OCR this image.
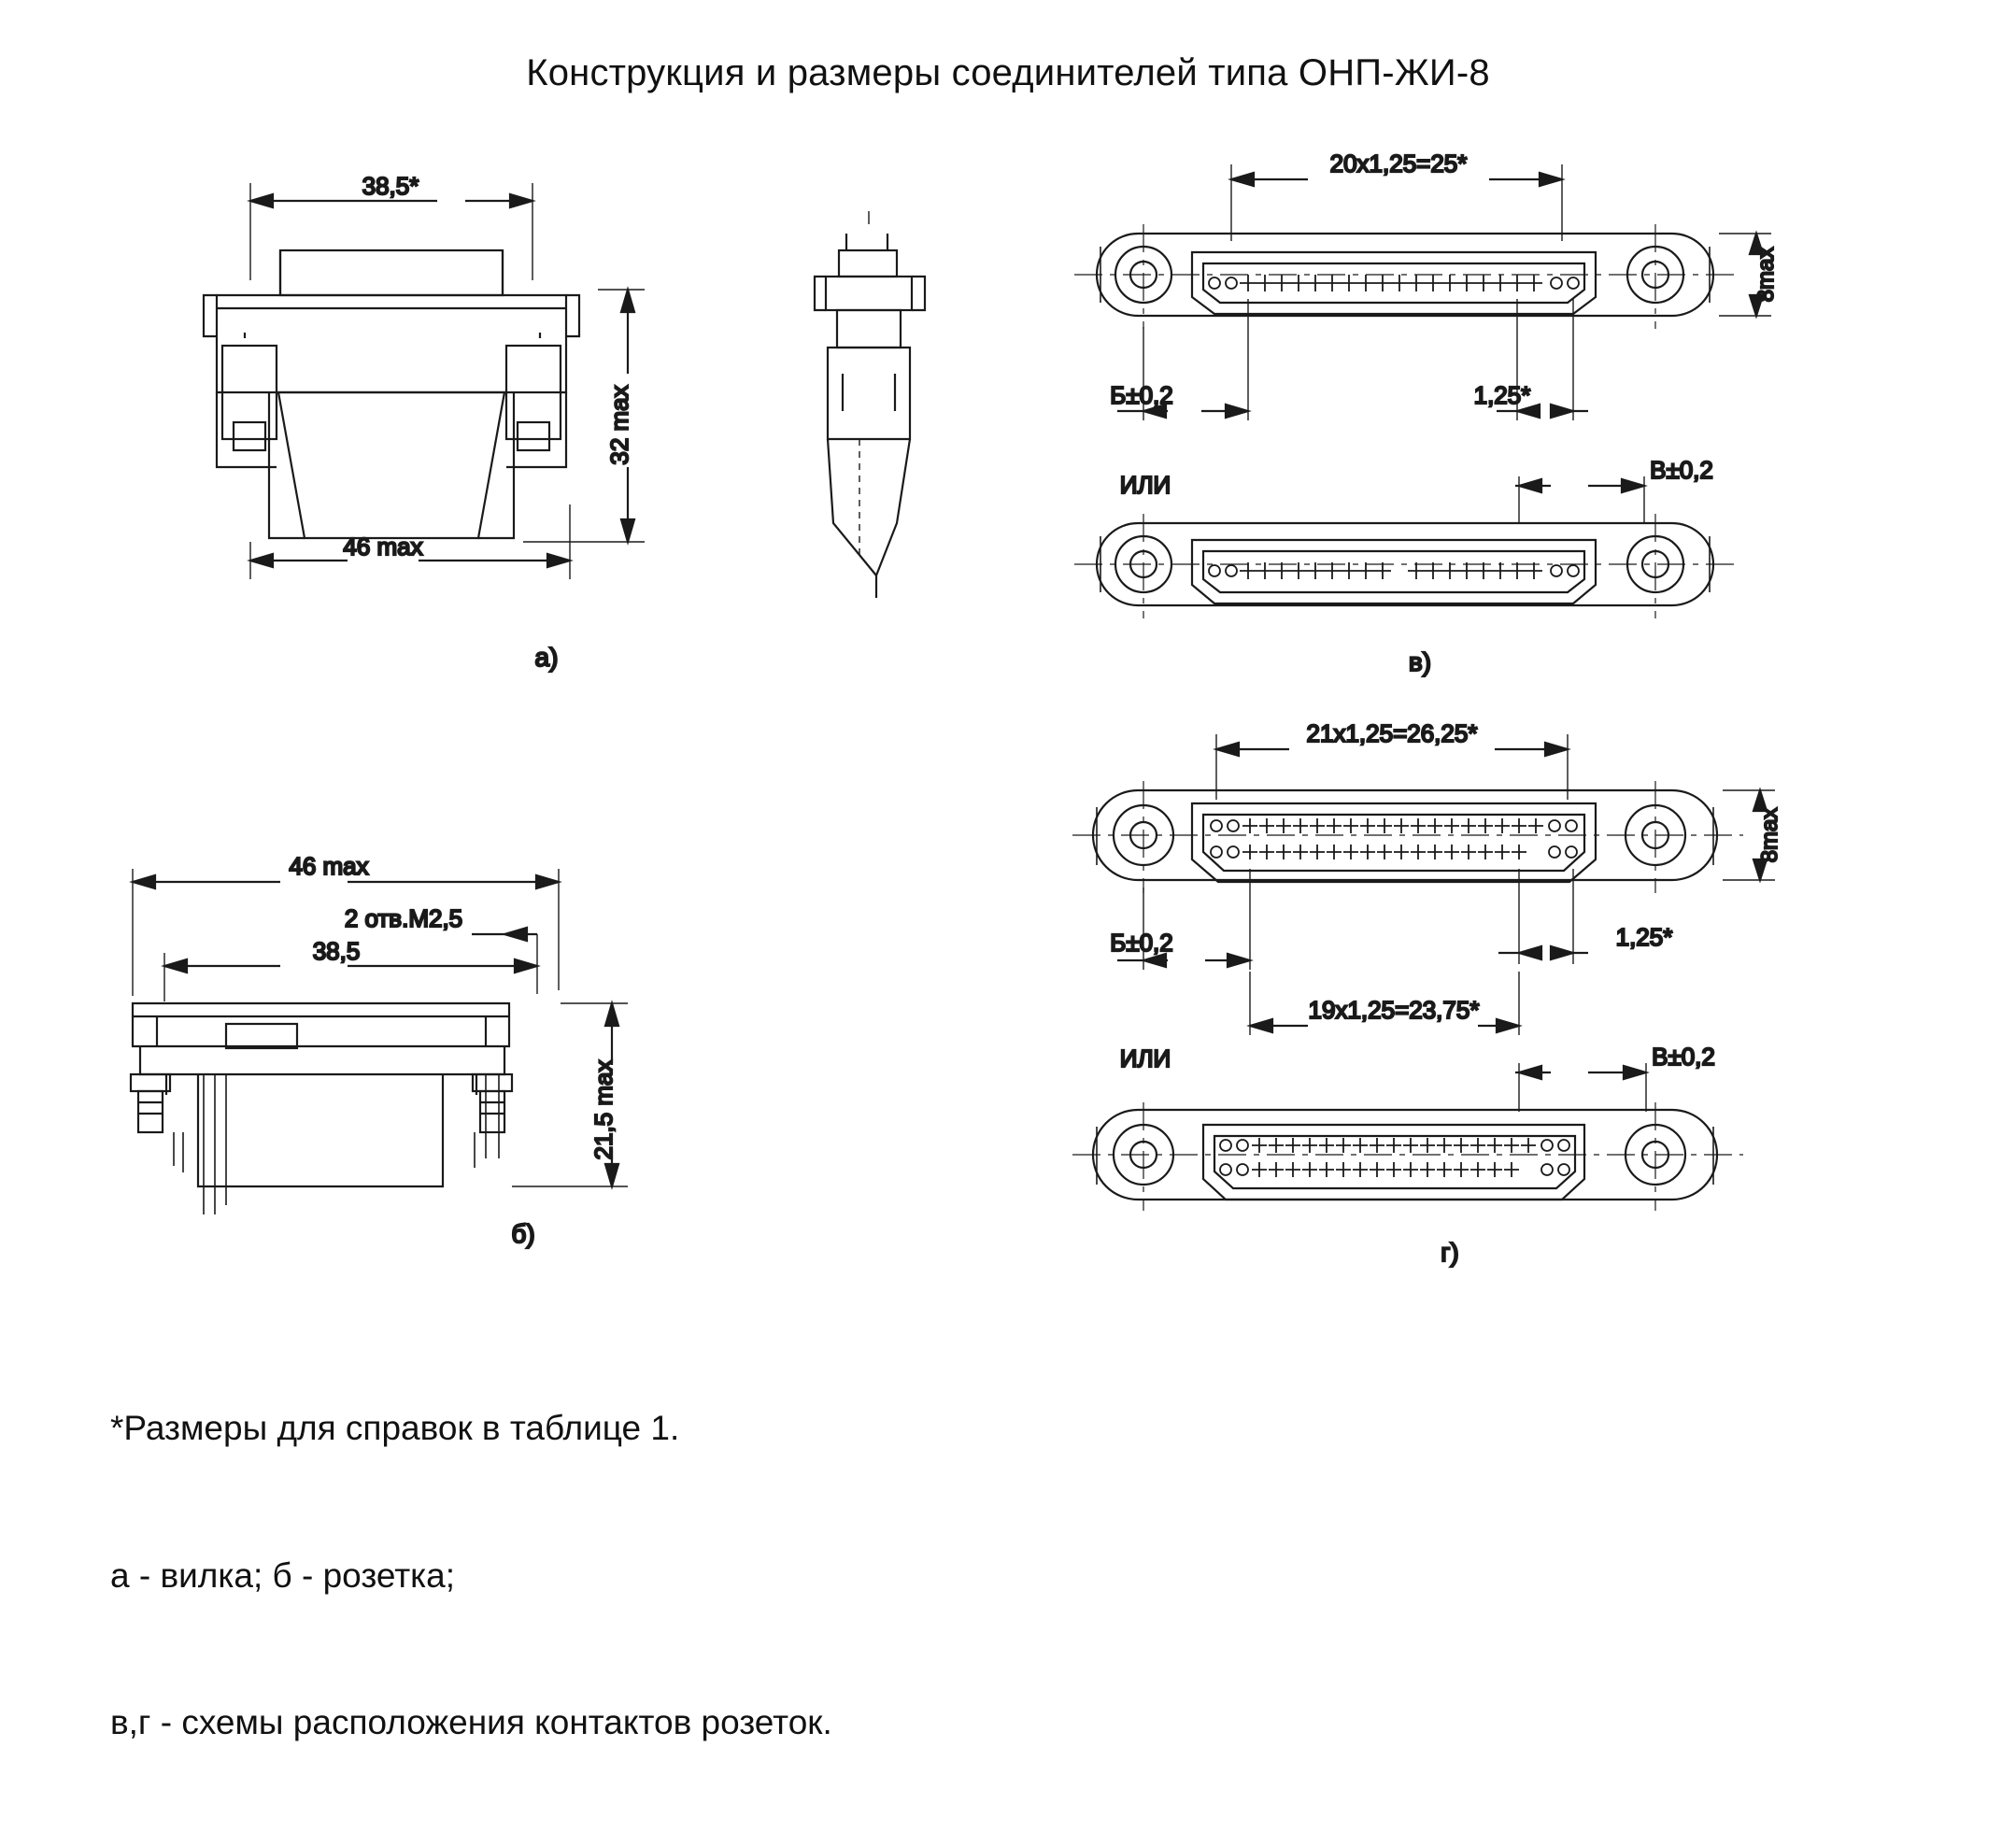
Конструкция и размеры соединителей типа ОНП-ЖИ-8
а)
38,5*
46 max
32 max
46 max
2 отв.М2,5
38,5
21,5 max
б)
20x1,25=25*
8max
Б±0,2	1,25*
ИЛИ
В±0,2
в)
21x1,25=26,25*
8max
Б±0,2	1,25*
19x1,25=23,75*
ИЛИ	В±0,2
г)

*Размеры для справок в таблице 1.

а - вилка; б - розетка;

в,г - схемы расположения контактов розеток.
